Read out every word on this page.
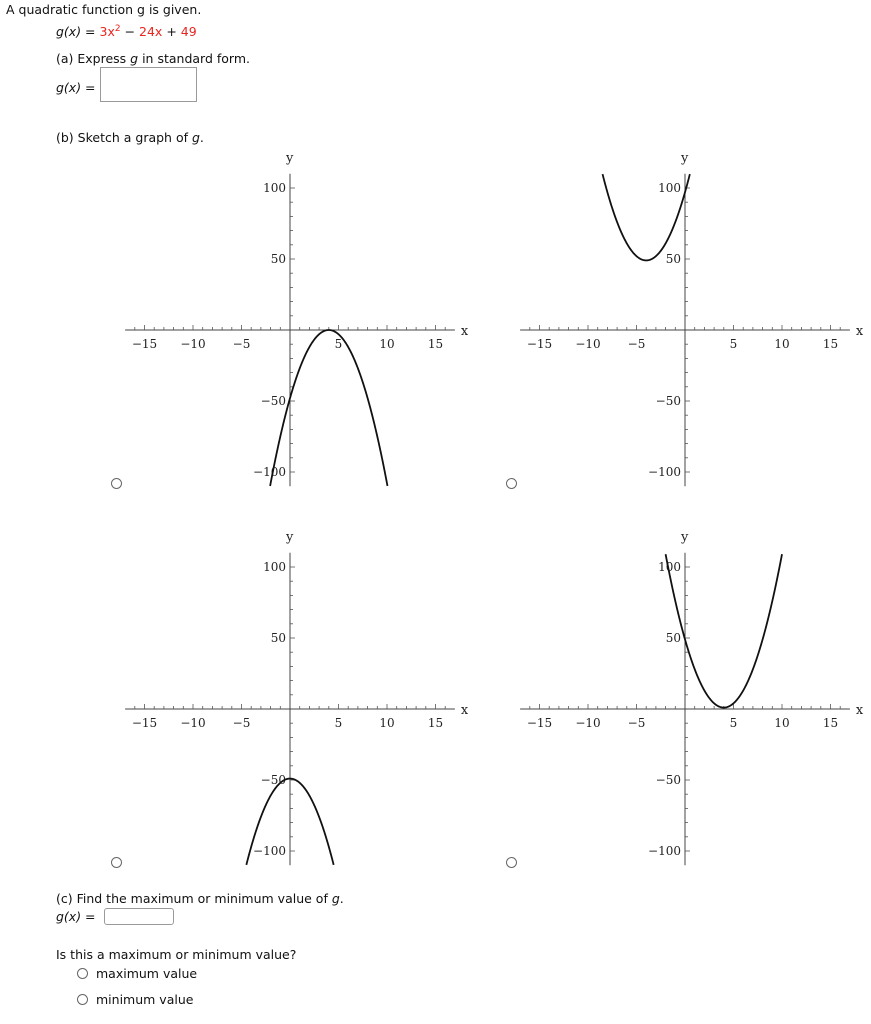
A quadratic function g is given.
$g(x) = 3x^2 - 24x + 49$
(a) Express g in standard form.
g(x) =
(b) Sketch a graph of g.
−15 −10 −5	5	10	15
100
50
−50
−100
x
y
−15 −10 −5	5	10	15
100
50
−50
−100
x
y
−15 −10 −5	5	10	15
100
50
−50
−100
x
y
−15 −10 −5	5	10	15
100
50
−50
−100
x
y
(c) Find the maximum or minimum value of g.
g(x) =
Is this a maximum or minimum value?
maximum value
minimum value
